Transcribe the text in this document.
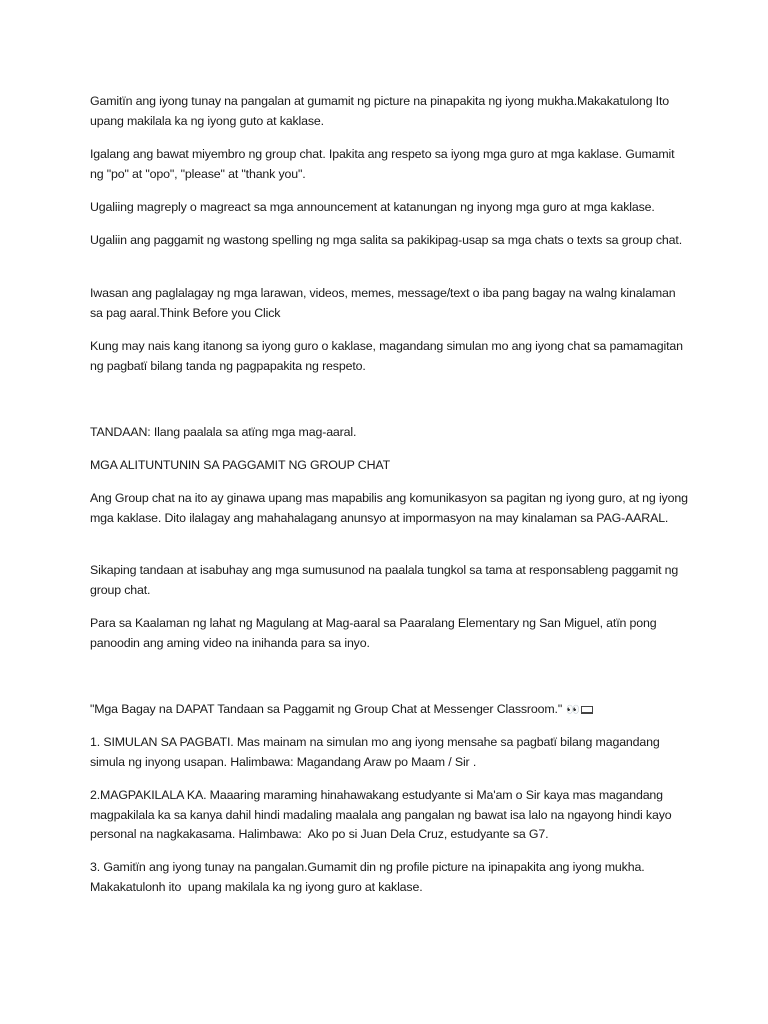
Gamitïn ang iyong tunay na pangalan at gumamit ng picture na pinapakita ng iyong mukha.Makakatulong Ito upang makilala ka ng iyong guto at kaklase.

Igalang ang bawat miyembro ng group chat. Ipakita ang respeto sa iyong mga guro at mga kaklase. Gumamit ng "po" at "opo", "please" at "thank you".

Ugaliing magreply o magreact sa mga announcement at katanungan ng inyong mga guro at mga kaklase.

Ugaliin ang paggamit ng wastong spelling ng mga salita sa pakikipag-usap sa mga chats o texts sa group chat.

Iwasan ang paglalagay ng mga larawan, videos, memes, message/text o iba pang bagay na walng kinalaman sa pag aaral.Think Before you Click

Kung may nais kang itanong sa iyong guro o kaklase, magandang simulan mo ang iyong chat sa pamamagitan ng pagbatï bilang tanda ng pagpapakita ng respeto.

TANDAAN: Ilang paalala sa atïng mga mag-aaral.

MGA ALITUNTUNIN SA PAGGAMIT NG GROUP CHAT

Ang Group chat na ito ay ginawa upang mas mapabilis ang komunikasyon sa pagitan ng iyong guro, at ng iyong mga kaklase. Dito ilalagay ang mahahalagang anunsyo at impormasyon na may kinalaman sa PAG-AARAL.

Sikaping tandaan at isabuhay ang mga sumusunod na paalala tungkol sa tama at responsableng paggamit ng group chat.

Para sa Kaalaman ng lahat ng Magulang at Mag-aaral sa Paaralang Elementary ng San Miguel, atïn pong panoodin ang aming video na inihanda para sa inyo.

"Mga Bagay na DAPAT Tandaan sa Paggamit ng Group Chat at Messenger Classroom." 👀

1. SIMULAN SA PAGBATI. Mas mainam na simulan mo ang iyong mensahe sa pagbatï bilang magandang simula ng inyong usapan. Halimbawa: Magandang Araw po Maam / Sir .

2.MAGPAKILALA KA. Maaaring maraming hinahawakang estudyante si Ma'am o Sir kaya mas magandang magpakilala ka sa kanya dahil hindi madaling maalala ang pangalan ng bawat isa lalo na ngayong hindi kayo personal na nagkakasama. Halimbawa:  Ako po si Juan Dela Cruz, estudyante sa G7.

3. Gamitïn ang iyong tunay na pangalan.Gumamit din ng profile picture na ipinapakita ang iyong mukha. Makakatulonh ito  upang makilala ka ng iyong guro at kaklase.
